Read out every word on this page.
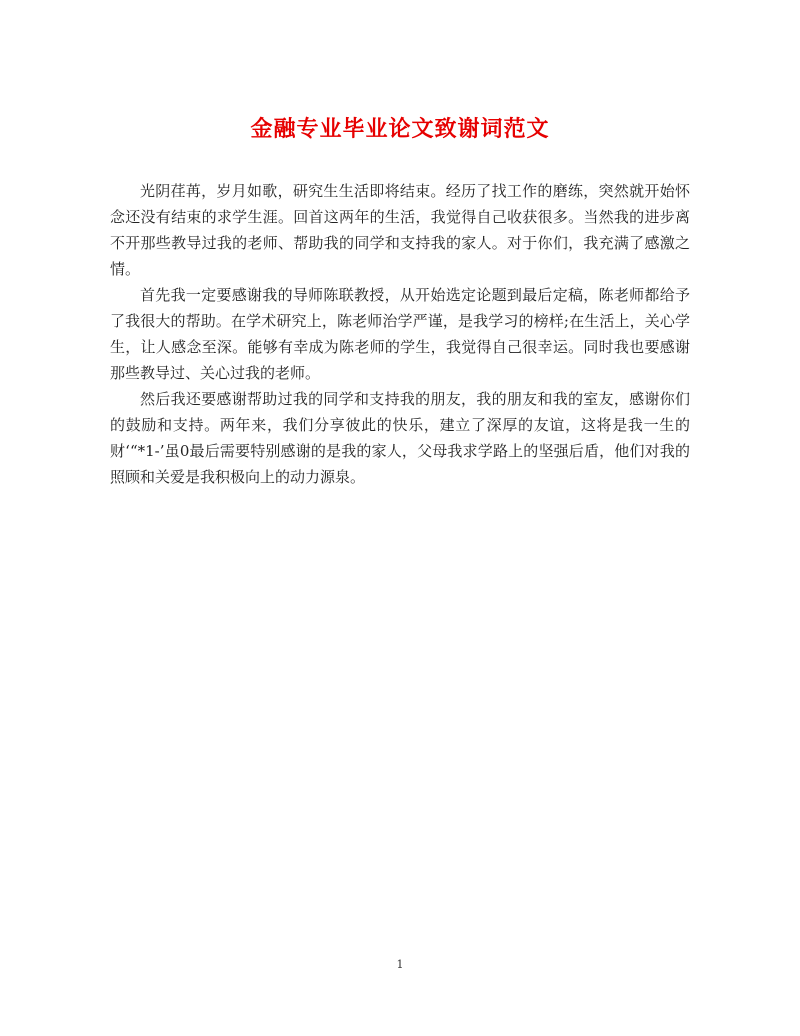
金融专业毕业论文致谢词范文

光阴荏苒，岁月如歌，研究生生活即将结束。经历了找工作的磨练，突然就开始怀念还没有结束的求学生涯。回首这两年的生活，我觉得自己收获很多。当然我的进步离不开那些教导过我的老师、帮助我的同学和支持我的家人。对于你们，我充满了感激之情。

首先我一定要感谢我的导师陈联教授，从开始选定论题到最后定稿，陈老师都给予了我很大的帮助。在学术研究上，陈老师治学严谨，是我学习的榜样;在生活上，关心学生，让人感念至深。能够有幸成为陈老师的学生，我觉得自己很幸运。同时我也要感谢那些教导过、关心过我的老师。

然后我还要感谢帮助过我的同学和支持我的朋友，我的朋友和我的室友，感谢你们的鼓励和支持。两年来，我们分享彼此的快乐，建立了深厚的友谊，这将是我一生的财‘“*1-’虽0最后需要特别感谢的是我的家人，父母我求学路上的坚强后盾，他们对我的照顾和关爱是我积极向上的动力源泉。

1
